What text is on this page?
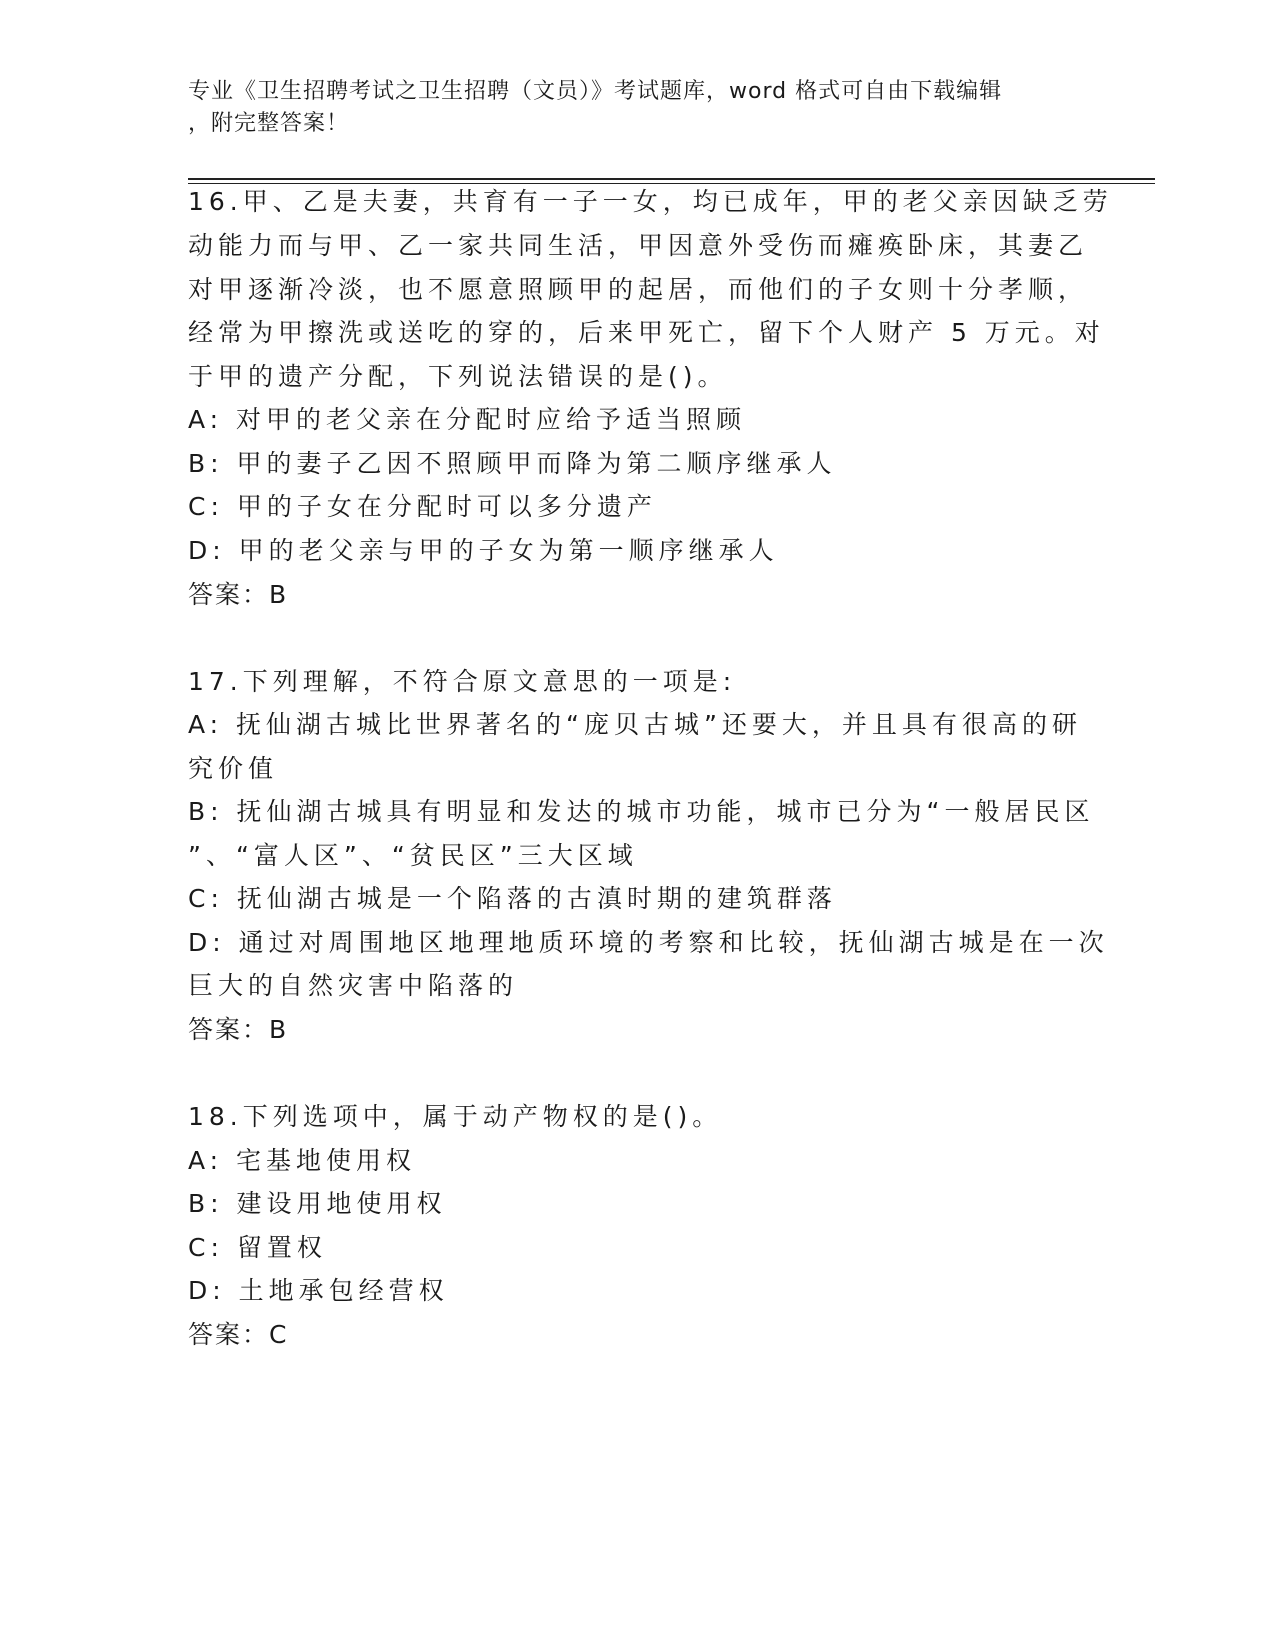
专业《卫生招聘考试之卫生招聘（文员）》考试题库，word 格式可自由下载编辑
，附完整答案！
16.甲、乙是夫妻，共育有一子一女，均已成年，甲的老父亲因缺乏劳
动能力而与甲、乙一家共同生活，甲因意外受伤而瘫痪卧床，其妻乙
对甲逐渐冷淡，也不愿意照顾甲的起居，而他们的子女则十分孝顺，
经常为甲擦洗或送吃的穿的，后来甲死亡，留下个人财产 5 万元。对
于甲的遗产分配，下列说法错误的是()。
A: 对甲的老父亲在分配时应给予适当照顾
B: 甲的妻子乙因不照顾甲而降为第二顺序继承人
C: 甲的子女在分配时可以多分遗产
D: 甲的老父亲与甲的子女为第一顺序继承人
答案：B
17.下列理解，不符合原文意思的一项是:
A: 抚仙湖古城比世界著名的“庞贝古城”还要大，并且具有很高的研
究价值
B: 抚仙湖古城具有明显和发达的城市功能，城市已分为“一般居民区
”、“富人区”、“贫民区”三大区域
C: 抚仙湖古城是一个陷落的古滇时期的建筑群落
D: 通过对周围地区地理地质环境的考察和比较，抚仙湖古城是在一次
巨大的自然灾害中陷落的
答案：B
18.下列选项中，属于动产物权的是()。
A: 宅基地使用权
B: 建设用地使用权
C: 留置权
D: 土地承包经营权
答案：C
